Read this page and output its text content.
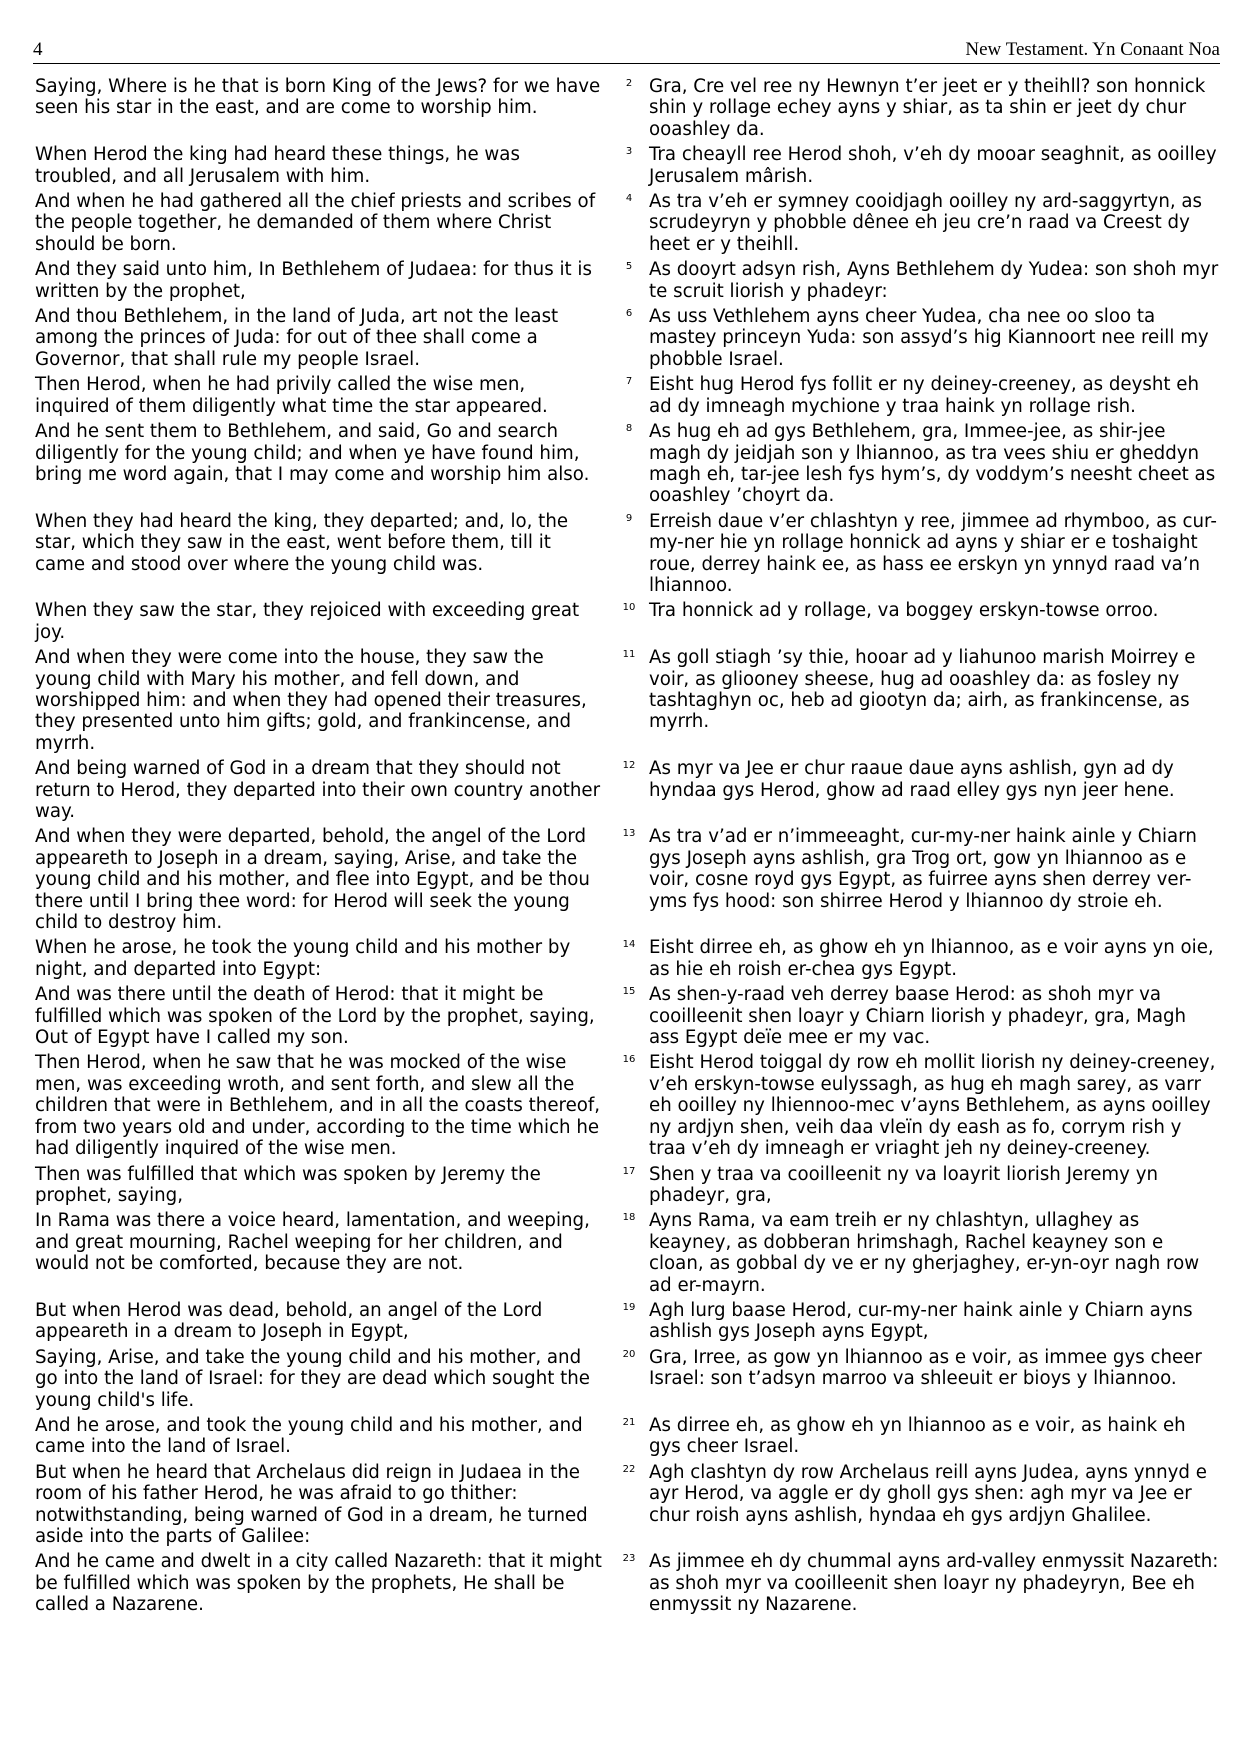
4	New Testament. Yn Conaant Noa
Saying, Where is he that is born King of the Jews? for we have seen his star in the east, and are come to worship him.
2 Gra, Cre vel ree ny Hewnyn t’er jeet er y theihll? son honnick shin y rollage echey ayns y shiar, as ta shin er jeet dy chur ooashley da.
When Herod the king had heard these things, he was troubled, and all Jerusalem with him.
3 Tra cheayll ree Herod shoh, v’eh dy mooar seaghnit, as ooilley Jerusalem mârish.
And when he had gathered all the chief priests and scribes of the people together, he demanded of them where Christ should be born.
4 As tra v’eh er symney cooidjagh ooilley ny ard-saggyrtyn, as scrudeyryn y phobble dênee eh jeu cre’n raad va Creest dy heet er y theihll.
And they said unto him, In Bethlehem of Judaea: for thus it is written by the prophet,
5 As dooyrt adsyn rish, Ayns Bethlehem dy Yudea: son shoh myr te scruit liorish y phadeyr:
And thou Bethlehem, in the land of Juda, art not the least among the princes of Juda: for out of thee shall come a Governor, that shall rule my people Israel.
6 As uss Vethlehem ayns cheer Yudea, cha nee oo sloo ta mastey princeyn Yuda: son assyd’s hig Kiannoort nee reill my phobble Israel.
Then Herod, when he had privily called the wise men, inquired of them diligently what time the star appeared.
7 Eisht hug Herod fys follit er ny deiney-creeney, as deysht eh ad dy imneagh mychione y traa haink yn rollage rish.
And he sent them to Bethlehem, and said, Go and search diligently for the young child; and when ye have found him, bring me word again, that I may come and worship him also.
8 As hug eh ad gys Bethlehem, gra, Immee-jee, as shir-jee magh dy jeidjah son y lhiannoo, as tra vees shiu er gheddyn magh eh, tar-jee lesh fys hym’s, dy voddym’s neesht cheet as ooashley ’choyrt da.
When they had heard the king, they departed; and, lo, the star, which they saw in the east, went before them, till it came and stood over where the young child was.
9 Erreish daue v’er chlashtyn y ree, jimmee ad rhymboo, as cur-my-ner hie yn rollage honnick ad ayns y shiar er e toshaight roue, derrey haink ee, as hass ee erskyn yn ynnyd raad va’n lhiannoo.
When they saw the star, they rejoiced with exceeding great joy.
10 Tra honnick ad y rollage, va boggey erskyn-towse orroo.
And when they were come into the house, they saw the young child with Mary his mother, and fell down, and worshipped him: and when they had opened their treasures, they presented unto him gifts; gold, and frankincense, and myrrh.
11 As goll stiagh ’sy thie, hooar ad y liahunoo marish Moirrey e voir, as gliooney sheese, hug ad ooashley da: as fosley ny tashtaghyn oc, heb ad giootyn da; airh, as frankincense, as myrrh.
And being warned of God in a dream that they should not return to Herod, they departed into their own country another way.
12 As myr va Jee er chur raaue daue ayns ashlish, gyn ad dy hyndaa gys Herod, ghow ad raad elley gys nyn jeer hene.
And when they were departed, behold, the angel of the Lord appeareth to Joseph in a dream, saying, Arise, and take the young child and his mother, and flee into Egypt, and be thou there until I bring thee word: for Herod will seek the young child to destroy him.
13 As tra v’ad er n’immeeaght, cur-my-ner haink ainle y Chiarn gys Joseph ayns ashlish, gra Trog ort, gow yn lhiannoo as e voir, cosne royd gys Egypt, as fuirree ayns shen derrey ver-yms fys hood: son shirree Herod y lhiannoo dy stroie eh.
When he arose, he took the young child and his mother by night, and departed into Egypt:
14 Eisht dirree eh, as ghow eh yn lhiannoo, as e voir ayns yn oie, as hie eh roish er-chea gys Egypt.
And was there until the death of Herod: that it might be fulfilled which was spoken of the Lord by the prophet, saying, Out of Egypt have I called my son.
15 As shen-y-raad veh derrey baase Herod: as shoh myr va cooilleenit shen loayr y Chiarn liorish y phadeyr, gra, Magh ass Egypt deïe mee er my vac.
Then Herod, when he saw that he was mocked of the wise men, was exceeding wroth, and sent forth, and slew all the children that were in Bethlehem, and in all the coasts thereof, from two years old and under, according to the time which he had diligently inquired of the wise men.
16 Eisht Herod toiggal dy row eh mollit liorish ny deiney-creeney, v’eh erskyn-towse eulyssagh, as hug eh magh sarey, as varr eh ooilley ny lhiennoo-mec v’ayns Bethlehem, as ayns ooilley ny ardjyn shen, veih daa vleïn dy eash as fo, corrym rish y traa v’eh dy imneagh er vriaght jeh ny deiney-creeney.
Then was fulfilled that which was spoken by Jeremy the prophet, saying,
17 Shen y traa va cooilleenit ny va loayrit liorish Jeremy yn phadeyr, gra,
In Rama was there a voice heard, lamentation, and weeping, and great mourning, Rachel weeping for her children, and would not be comforted, because they are not.
18 Ayns Rama, va eam treih er ny chlashtyn, ullaghey as keayney, as dobberan hrimshagh, Rachel keayney son e cloan, as gobbal dy ve er ny gherjaghey, er-yn-oyr nagh row ad er-mayrn.
But when Herod was dead, behold, an angel of the Lord appeareth in a dream to Joseph in Egypt,
19 Agh lurg baase Herod, cur-my-ner haink ainle y Chiarn ayns ashlish gys Joseph ayns Egypt,
Saying, Arise, and take the young child and his mother, and go into the land of Israel: for they are dead which sought the young child's life.
20 Gra, Irree, as gow yn lhiannoo as e voir, as immee gys cheer Israel: son t’adsyn marroo va shleeuit er bioys y lhiannoo.
And he arose, and took the young child and his mother, and came into the land of Israel.
21 As dirree eh, as ghow eh yn lhiannoo as e voir, as haink eh gys cheer Israel.
But when he heard that Archelaus did reign in Judaea in the room of his father Herod, he was afraid to go thither: notwithstanding, being warned of God in a dream, he turned aside into the parts of Galilee:
22 Agh clashtyn dy row Archelaus reill ayns Judea, ayns ynnyd e ayr Herod, va aggle er dy gholl gys shen: agh myr va Jee er chur roish ayns ashlish, hyndaa eh gys ardjyn Ghalilee.
And he came and dwelt in a city called Nazareth: that it might be fulfilled which was spoken by the prophets, He shall be called a Nazarene.
23 As jimmee eh dy chummal ayns ard-valley enmyssit Nazareth: as shoh myr va cooilleenit shen loayr ny phadeyryn, Bee eh enmyssit ny Nazarene.
